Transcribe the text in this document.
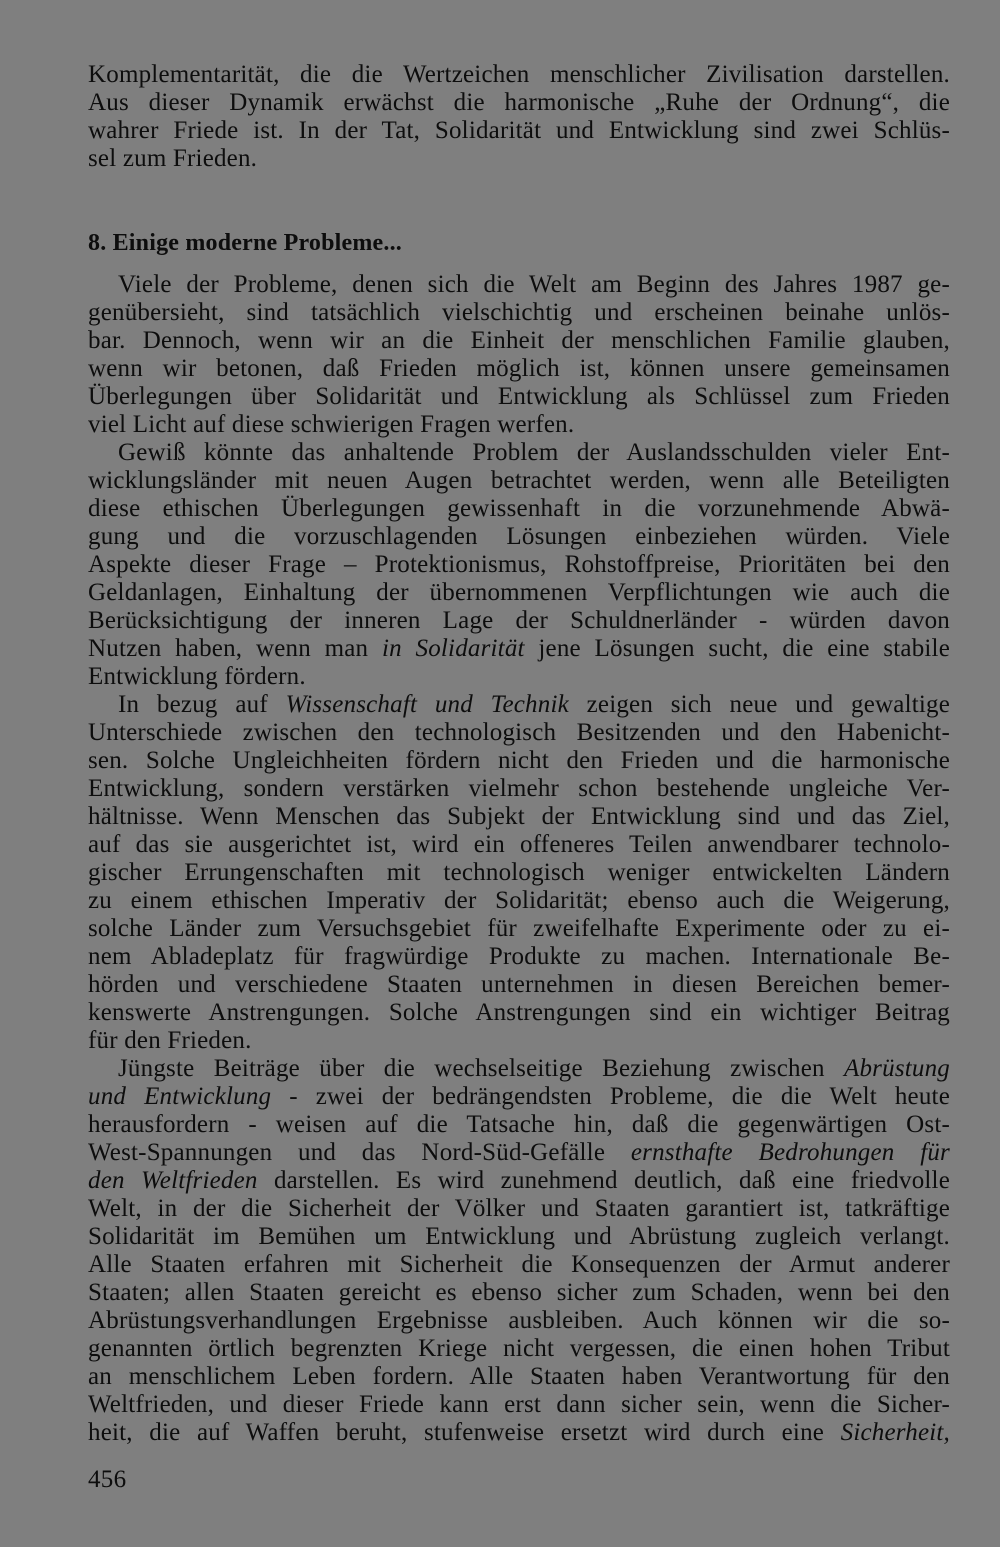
Komplementarität, die die Wertzeichen menschlicher Zivilisation darstellen.
Aus dieser Dynamik erwächst die harmonische „Ruhe der Ordnung“, die
wahrer Friede ist. In der Tat, Solidarität und Entwicklung sind zwei Schlüs-
sel zum Frieden.
8. Einige moderne Probleme...
Viele der Probleme, denen sich die Welt am Beginn des Jahres 1987 ge-
genübersieht, sind tatsächlich vielschichtig und erscheinen beinahe unlös-
bar. Dennoch, wenn wir an die Einheit der menschlichen Familie glauben,
wenn wir betonen, daß Frieden möglich ist, können unsere gemeinsamen
Überlegungen über Solidarität und Entwicklung als Schlüssel zum Frieden
viel Licht auf diese schwierigen Fragen werfen.
Gewiß könnte das anhaltende Problem der Auslandsschulden vieler Ent-
wicklungsländer mit neuen Augen betrachtet werden, wenn alle Beteiligten
diese ethischen Überlegungen gewissenhaft in die vorzunehmende Abwä-
gung und die vorzuschlagenden Lösungen einbeziehen würden. Viele
Aspekte dieser Frage – Protektionismus, Rohstoffpreise, Prioritäten bei den
Geldanlagen, Einhaltung der übernommenen Verpflichtungen wie auch die
Berücksichtigung der inneren Lage der Schuldnerländer - würden davon
Nutzen haben, wenn man in Solidarität jene Lösungen sucht, die eine stabile
Entwicklung fördern.
In bezug auf Wissenschaft und Technik zeigen sich neue und gewaltige
Unterschiede zwischen den technologisch Besitzenden und den Habenicht-
sen. Solche Ungleichheiten fördern nicht den Frieden und die harmonische
Entwicklung, sondern verstärken vielmehr schon bestehende ungleiche Ver-
hältnisse. Wenn Menschen das Subjekt der Entwicklung sind und das Ziel,
auf das sie ausgerichtet ist, wird ein offeneres Teilen anwendbarer technolo-
gischer Errungenschaften mit technologisch weniger entwickelten Ländern
zu einem ethischen Imperativ der Solidarität; ebenso auch die Weigerung,
solche Länder zum Versuchsgebiet für zweifelhafte Experimente oder zu ei-
nem Abladeplatz für fragwürdige Produkte zu machen. Internationale Be-
hörden und verschiedene Staaten unternehmen in diesen Bereichen bemer-
kenswerte Anstrengungen. Solche Anstrengungen sind ein wichtiger Beitrag
für den Frieden.
Jüngste Beiträge über die wechselseitige Beziehung zwischen Abrüstung
und Entwicklung - zwei der bedrängendsten Probleme, die die Welt heute
herausfordern - weisen auf die Tatsache hin, daß die gegenwärtigen Ost-
West-Spannungen und das Nord-Süd-Gefälle ernsthafte Bedrohungen für
den Weltfrieden darstellen. Es wird zunehmend deutlich, daß eine friedvolle
Welt, in der die Sicherheit der Völker und Staaten garantiert ist, tatkräftige
Solidarität im Bemühen um Entwicklung und Abrüstung zugleich verlangt.
Alle Staaten erfahren mit Sicherheit die Konsequenzen der Armut anderer
Staaten; allen Staaten gereicht es ebenso sicher zum Schaden, wenn bei den
Abrüstungsverhandlungen Ergebnisse ausbleiben. Auch können wir die so-
genannten örtlich begrenzten Kriege nicht vergessen, die einen hohen Tribut
an menschlichem Leben fordern. Alle Staaten haben Verantwortung für den
Weltfrieden, und dieser Friede kann erst dann sicher sein, wenn die Sicher-
heit, die auf Waffen beruht, stufenweise ersetzt wird durch eine Sicherheit,
456
